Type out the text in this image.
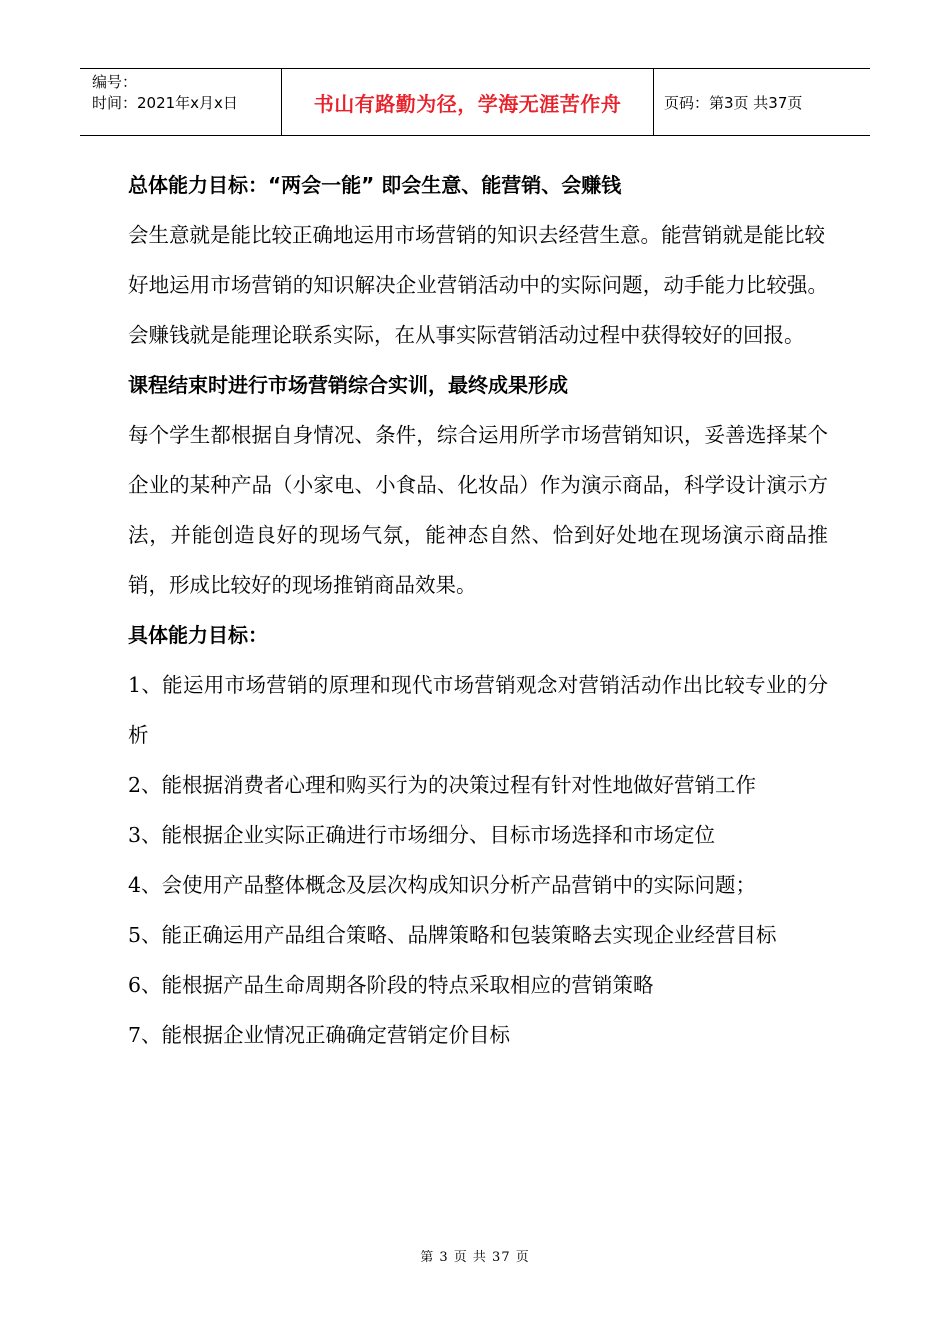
编号：
时间：2021年x月x日	书山有路勤为径，学海无涯苦作舟	页码：第3页 共37页

总体能力目标：“两会一能” 即会生意、能营销、会赚钱

会生意就是能比较正确地运用市场营销的知识去经营生意。能营销就是能比较

好地运用市场营销的知识解决企业营销活动中的实际问题，动手能力比较强。会赚钱就是能理论联系实际，在从事实际营销活动过程中获得较好的回报。

课程结束时进行市场营销综合实训，最终成果形成

每个学生都根据自身情况、条件，综合运用所学市场营销知识，妥善选择某个企业的某种产品（小家电、小食品、化妆品）作为演示商品，科学设计演示方法，并能创造良好的现场气氛，能神态自然、恰到好处地在现场演示商品推销，形成比较好的现场推销商品效果。

具体能力目标：

1、能运用市场营销的原理和现代市场营销观念对营销活动作出比较专业的分析

2、能根据消费者心理和购买行为的决策过程有针对性地做好营销工作

3、能根据企业实际正确进行市场细分、目标市场选择和市场定位

4、会使用产品整体概念及层次构成知识分析产品营销中的实际问题；

5、能正确运用产品组合策略、品牌策略和包装策略去实现企业经营目标

6、能根据产品生命周期各阶段的特点采取相应的营销策略

7、能根据企业情况正确确定营销定价目标

第 3 页 共 37 页
